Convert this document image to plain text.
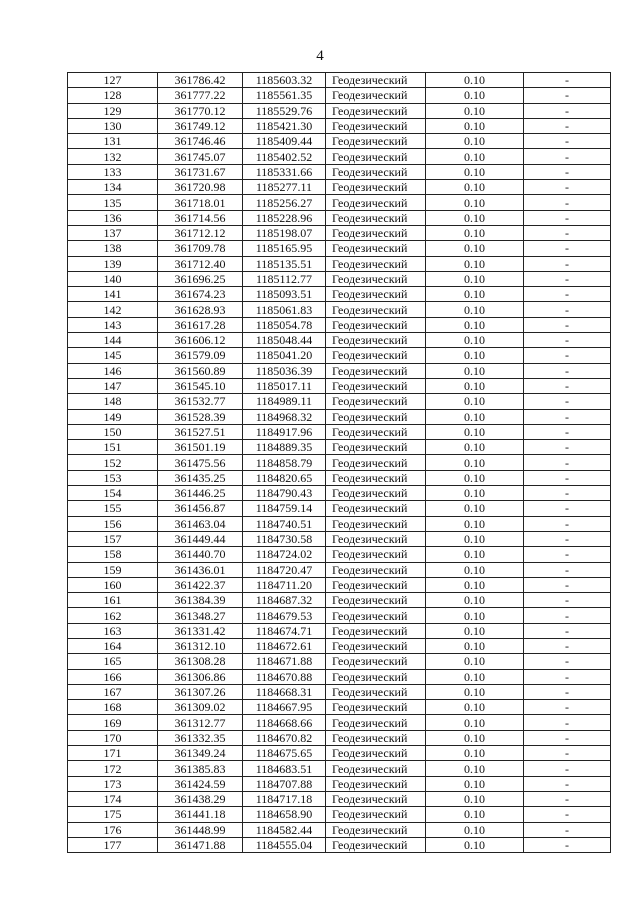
4
127	361786.42	1185603.32	Геодезический	0.10	-
128	361777.22	1185561.35	Геодезический	0.10	-
129	361770.12	1185529.76	Геодезический	0.10	-
130	361749.12	1185421.30	Геодезический	0.10	-
131	361746.46	1185409.44	Геодезический	0.10	-
132	361745.07	1185402.52	Геодезический	0.10	-
133	361731.67	1185331.66	Геодезический	0.10	-
134	361720.98	1185277.11	Геодезический	0.10	-
135	361718.01	1185256.27	Геодезический	0.10	-
136	361714.56	1185228.96	Геодезический	0.10	-
137	361712.12	1185198.07	Геодезический	0.10	-
138	361709.78	1185165.95	Геодезический	0.10	-
139	361712.40	1185135.51	Геодезический	0.10	-
140	361696.25	1185112.77	Геодезический	0.10	-
141	361674.23	1185093.51	Геодезический	0.10	-
142	361628.93	1185061.83	Геодезический	0.10	-
143	361617.28	1185054.78	Геодезический	0.10	-
144	361606.12	1185048.44	Геодезический	0.10	-
145	361579.09	1185041.20	Геодезический	0.10	-
146	361560.89	1185036.39	Геодезический	0.10	-
147	361545.10	1185017.11	Геодезический	0.10	-
148	361532.77	1184989.11	Геодезический	0.10	-
149	361528.39	1184968.32	Геодезический	0.10	-
150	361527.51	1184917.96	Геодезический	0.10	-
151	361501.19	1184889.35	Геодезический	0.10	-
152	361475.56	1184858.79	Геодезический	0.10	-
153	361435.25	1184820.65	Геодезический	0.10	-
154	361446.25	1184790.43	Геодезический	0.10	-
155	361456.87	1184759.14	Геодезический	0.10	-
156	361463.04	1184740.51	Геодезический	0.10	-
157	361449.44	1184730.58	Геодезический	0.10	-
158	361440.70	1184724.02	Геодезический	0.10	-
159	361436.01	1184720.47	Геодезический	0.10	-
160	361422.37	1184711.20	Геодезический	0.10	-
161	361384.39	1184687.32	Геодезический	0.10	-
162	361348.27	1184679.53	Геодезический	0.10	-
163	361331.42	1184674.71	Геодезический	0.10	-
164	361312.10	1184672.61	Геодезический	0.10	-
165	361308.28	1184671.88	Геодезический	0.10	-
166	361306.86	1184670.88	Геодезический	0.10	-
167	361307.26	1184668.31	Геодезический	0.10	-
168	361309.02	1184667.95	Геодезический	0.10	-
169	361312.77	1184668.66	Геодезический	0.10	-
170	361332.35	1184670.82	Геодезический	0.10	-
171	361349.24	1184675.65	Геодезический	0.10	-
172	361385.83	1184683.51	Геодезический	0.10	-
173	361424.59	1184707.88	Геодезический	0.10	-
174	361438.29	1184717.18	Геодезический	0.10	-
175	361441.18	1184658.90	Геодезический	0.10	-
176	361448.99	1184582.44	Геодезический	0.10	-
177	361471.88	1184555.04	Геодезический	0.10	-
